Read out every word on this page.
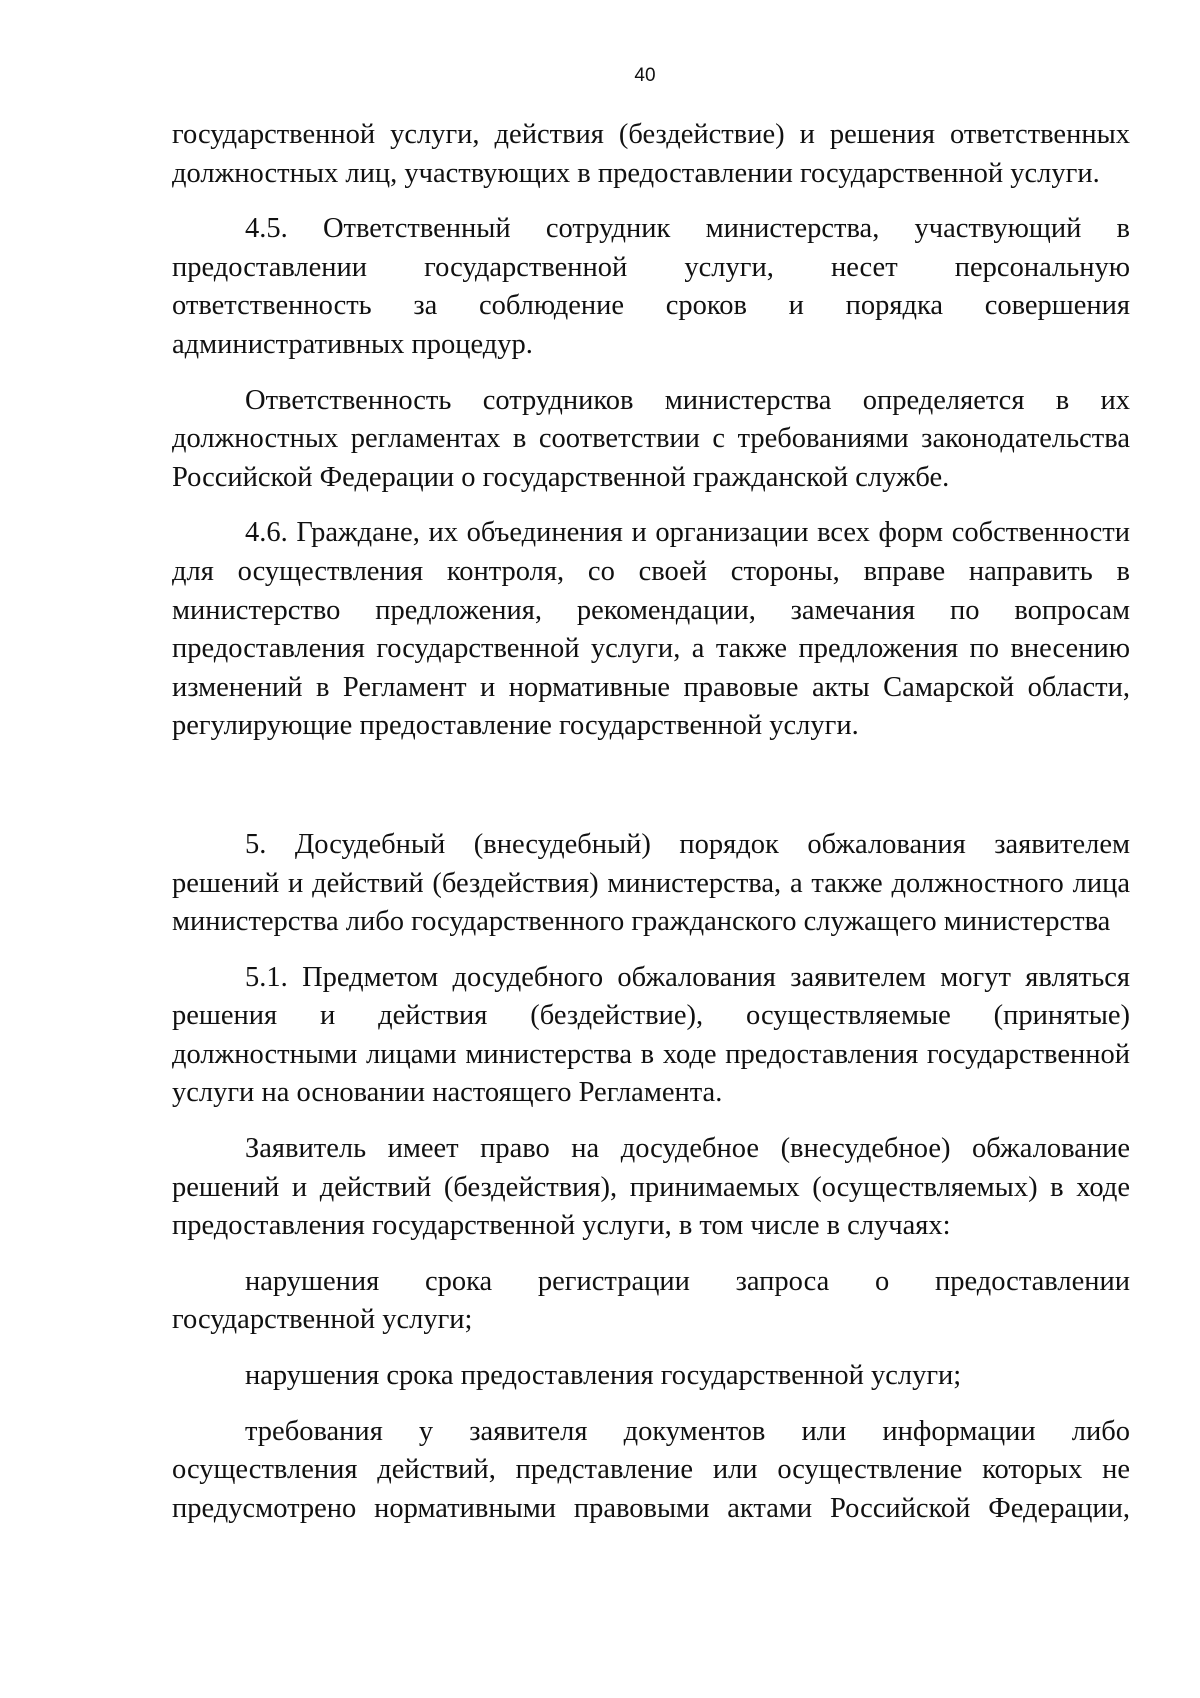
40

государственной услуги, действия (бездействие) и решения ответственных должностных лиц, участвующих в предоставлении государственной услуги.

4.5. Ответственный сотрудник министерства, участвующий в предоставлении государственной услуги, несет персональную ответственность за соблюдение сроков и порядка совершения административных процедур.

Ответственность сотрудников министерства определяется в их должностных регламентах в соответствии с требованиями законодательства Российской Федерации о государственной гражданской службе.

4.6. Граждане, их объединения и организации всех форм собственности для осуществления контроля, со своей стороны, вправе направить в министерство предложения, рекомендации, замечания по вопросам предоставления государственной услуги, а также предложения по внесению изменений в Регламент и нормативные правовые акты Самарской области, регулирующие предоставление государственной услуги.

5. Досудебный (внесудебный) порядок обжалования заявителем решений и действий (бездействия) министерства, а также должностного лица министерства либо государственного гражданского служащего министерства

5.1. Предметом досудебного обжалования заявителем могут являться решения и действия (бездействие), осуществляемые (принятые) должностными лицами министерства в ходе предоставления государственной услуги на основании настоящего Регламента.

Заявитель имеет право на досудебное (внесудебное) обжалование решений и действий (бездействия), принимаемых (осуществляемых) в ходе предоставления государственной услуги, в том числе в случаях:

нарушения срока регистрации запроса о предоставлении государственной услуги;

нарушения срока предоставления государственной услуги;

требования у заявителя документов или информации либо осуществления действий, представление или осуществление которых не предусмотрено нормативными правовыми актами Российской Федерации,
